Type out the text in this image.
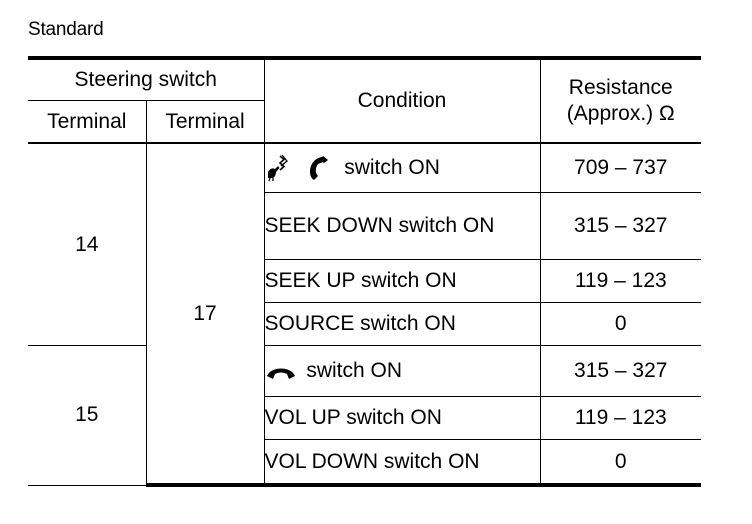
Standard
Steering switch		Condition	Resistance
(Approx.) Ω
Terminal	Terminal		
14	17	switch ON	709 – 737
		SEEK DOWN switch ON	315 – 327
		SEEK UP switch ON	119 – 123
		SOURCE switch ON	0
15		switch ON	315 – 327
		VOL UP switch ON	119 – 123
		VOL DOWN switch ON	0
